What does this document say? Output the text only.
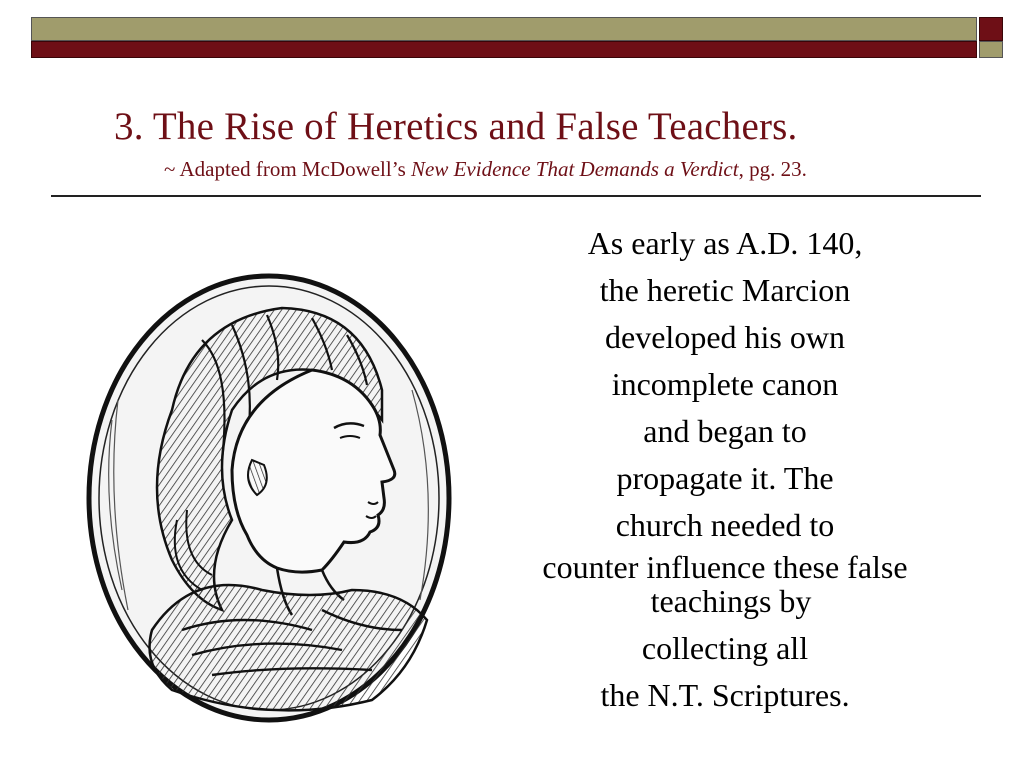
3. The Rise of Heretics and False Teachers.
~ Adapted from McDowell’s New Evidence That Demands a Verdict, pg. 23.
As early as A.D. 140,
the heretic Marcion
developed his own
incomplete canon
and began to
propagate it. The
church needed to
counter influence these false
teachings by
collecting all
the N.T. Scriptures.
